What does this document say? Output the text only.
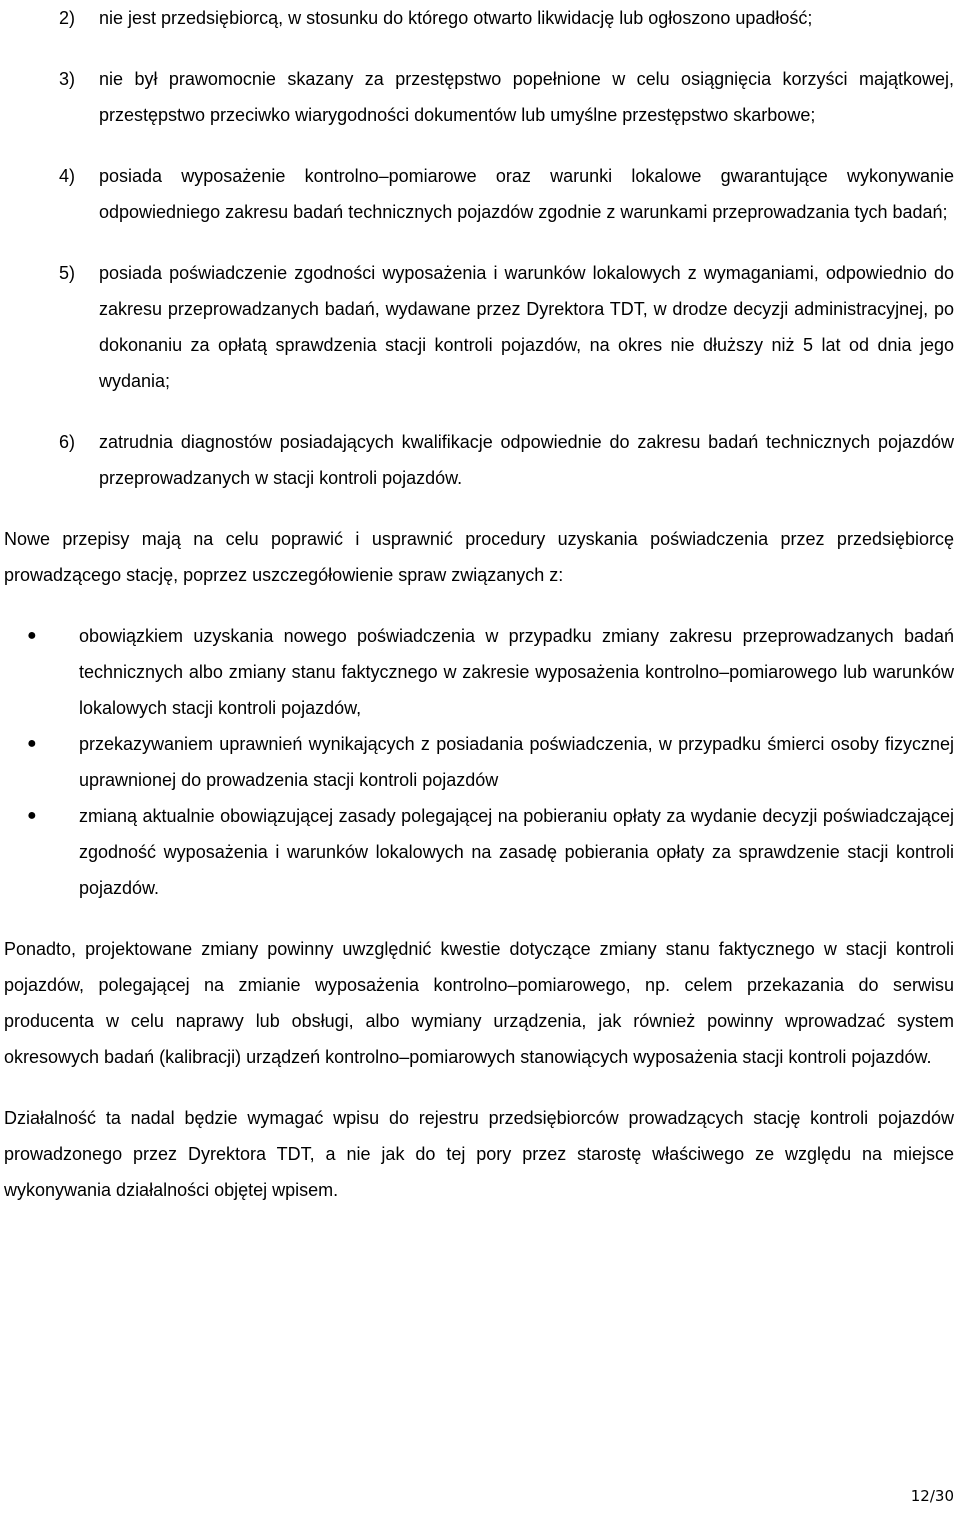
2) nie jest przedsiębiorcą, w stosunku do którego otwarto likwidację lub ogłoszono upadłość;

3) nie był prawomocnie skazany za przestępstwo popełnione w celu osiągnięcia korzyści majątkowej, przestępstwo przeciwko wiarygodności dokumentów lub umyślne przestępstwo skarbowe;

4) posiada wyposażenie kontrolno–pomiarowe oraz warunki lokalowe gwarantujące wykonywanie odpowiedniego zakresu badań technicznych pojazdów zgodnie z warunkami przeprowadzania tych badań;

5) posiada poświadczenie zgodności wyposażenia i warunków lokalowych z wymaganiami, odpowiednio do zakresu przeprowadzanych badań, wydawane przez Dyrektora TDT, w drodze decyzji administracyjnej, po dokonaniu za opłatą sprawdzenia stacji kontroli pojazdów, na okres nie dłuższy niż 5 lat od dnia jego wydania;

6) zatrudnia diagnostów posiadających kwalifikacje odpowiednie do zakresu badań technicznych pojazdów przeprowadzanych w stacji kontroli pojazdów.

Nowe przepisy mają na celu poprawić i usprawnić procedury uzyskania poświadczenia przez przedsiębiorcę prowadzącego stację, poprzez uszczegółowienie spraw związanych z:

● obowiązkiem uzyskania nowego poświadczenia w przypadku zmiany zakresu przeprowadzanych badań technicznych albo zmiany stanu faktycznego w zakresie wyposażenia kontrolno–pomiarowego lub warunków lokalowych stacji kontroli pojazdów,

● przekazywaniem uprawnień wynikających z posiadania poświadczenia, w przypadku śmierci osoby fizycznej uprawnionej do prowadzenia stacji kontroli pojazdów

● zmianą aktualnie obowiązującej zasady polegającej na pobieraniu opłaty za wydanie decyzji poświadczającej zgodność wyposażenia i warunków lokalowych na zasadę pobierania opłaty za sprawdzenie stacji kontroli pojazdów.

Ponadto, projektowane zmiany powinny uwzględnić kwestie dotyczące zmiany stanu faktycznego w stacji kontroli pojazdów, polegającej na zmianie wyposażenia kontrolno–pomiarowego, np. celem przekazania do serwisu producenta w celu naprawy lub obsługi, albo wymiany urządzenia, jak również powinny wprowadzać system okresowych badań (kalibracji) urządzeń kontrolno–pomiarowych stanowiących wyposażenia stacji kontroli pojazdów.

Działalność ta nadal będzie wymagać wpisu do rejestru przedsiębiorców prowadzących stację kontroli pojazdów prowadzonego przez Dyrektora TDT, a nie jak do tej pory przez starostę właściwego ze względu na miejsce wykonywania działalności objętej wpisem.

12/30
